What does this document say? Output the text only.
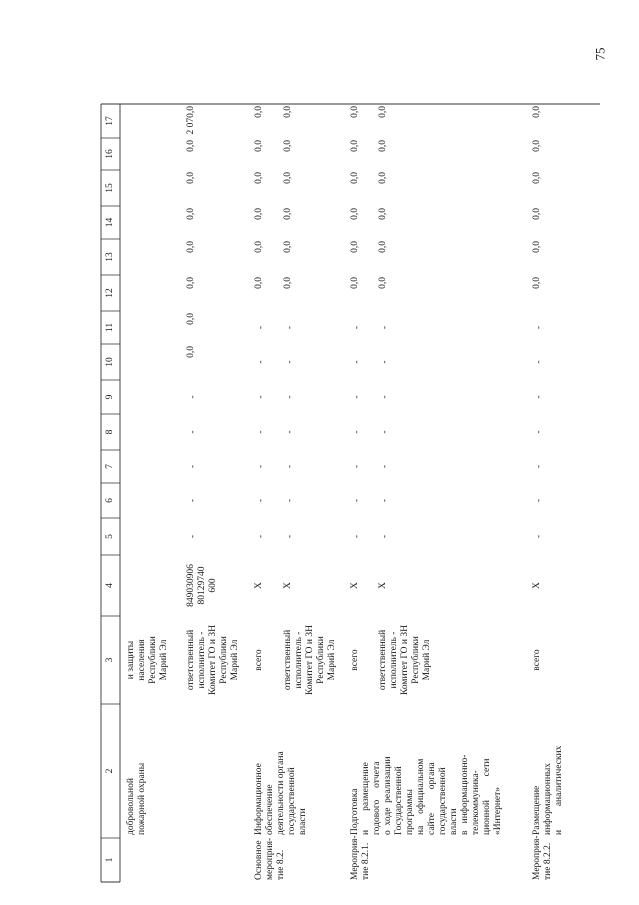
75
1
2
3
4
5
6
7
8
9
10
11
12
13
14
15
16
17
добровольной
пожарной охраны
и защиты
населения
Республики
Марий Эл ответственный
исполнитель -
Комитет ГО и ЗН
Республики
Марий Эл
849030906
80129740
600
-
-
-
-
-
0,0
0,0
0,0
0,0
0,0
0,0
0,0
2 070,0
Основное
мероприя-
тие 8.2.
Информационное
обеспечение
деятельности органа
государственной
власти
всего
X
-
-
-
-
-
-
-
0,0
0,0
0,0
0,0
0,0
0,0
ответственный
исполнитель -
Комитет ГО и ЗН
Республики
Марий Эл
X
-
-
-
-
-
-
-
0,0
0,0
0,0
0,0
0,0
0,0
Мероприя-
тие 8.2.1.
Подготовка
и        размещение
годового     отчета
о  ходе  реализации
Государственной
программы
на     официальном
сайте          органа
государственной
власти
в   информационно-
телекоммуника-
ционной          сети
«Интернет»
всего
X
-
-
-
-
-
-
-
0,0
0,0
0,0
0,0
0,0
0,0
ответственный
исполнитель -
Комитет ГО и ЗН
Республики
Марий Эл
X
-
-
-
-
-
-
-
0,0
0,0
0,0
0,0
0,0
0,0
Мероприя-
тие 8.2.2.
Размещение
информационных
и          аналитических
всего
X
-
-
-
-
-
-
-
0,0
0,0
0,0
0,0
0,0
0,0
